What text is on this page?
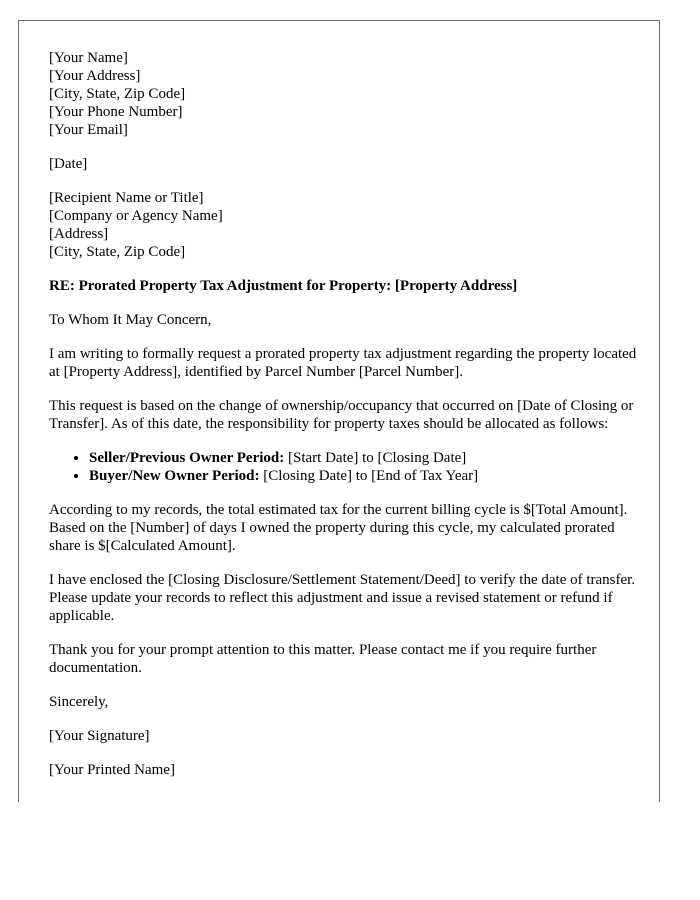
[Your Name]
[Your Address]
[City, State, Zip Code]
[Your Phone Number]
[Your Email]
[Date]
[Recipient Name or Title]
[Company or Agency Name]
[Address]
[City, State, Zip Code]

RE: Prorated Property Tax Adjustment for Property: [Property Address]

To Whom It May Concern,

I am writing to formally request a prorated property tax adjustment regarding the property located at [Property Address], identified by Parcel Number [Parcel Number].

This request is based on the change of ownership/occupancy that occurred on [Date of Closing or Transfer]. As of this date, the responsibility for property taxes should be allocated as follows:

• Seller/Previous Owner Period: [Start Date] to [Closing Date]
• Buyer/New Owner Period: [Closing Date] to [End of Tax Year]

According to my records, the total estimated tax for the current billing cycle is $[Total Amount]. Based on the [Number] of days I owned the property during this cycle, my calculated prorated share is $[Calculated Amount].

I have enclosed the [Closing Disclosure/Settlement Statement/Deed] to verify the date of transfer. Please update your records to reflect this adjustment and issue a revised statement or refund if applicable.

Thank you for your prompt attention to this matter. Please contact me if you require further documentation.

Sincerely,

[Your Signature]

[Your Printed Name]
